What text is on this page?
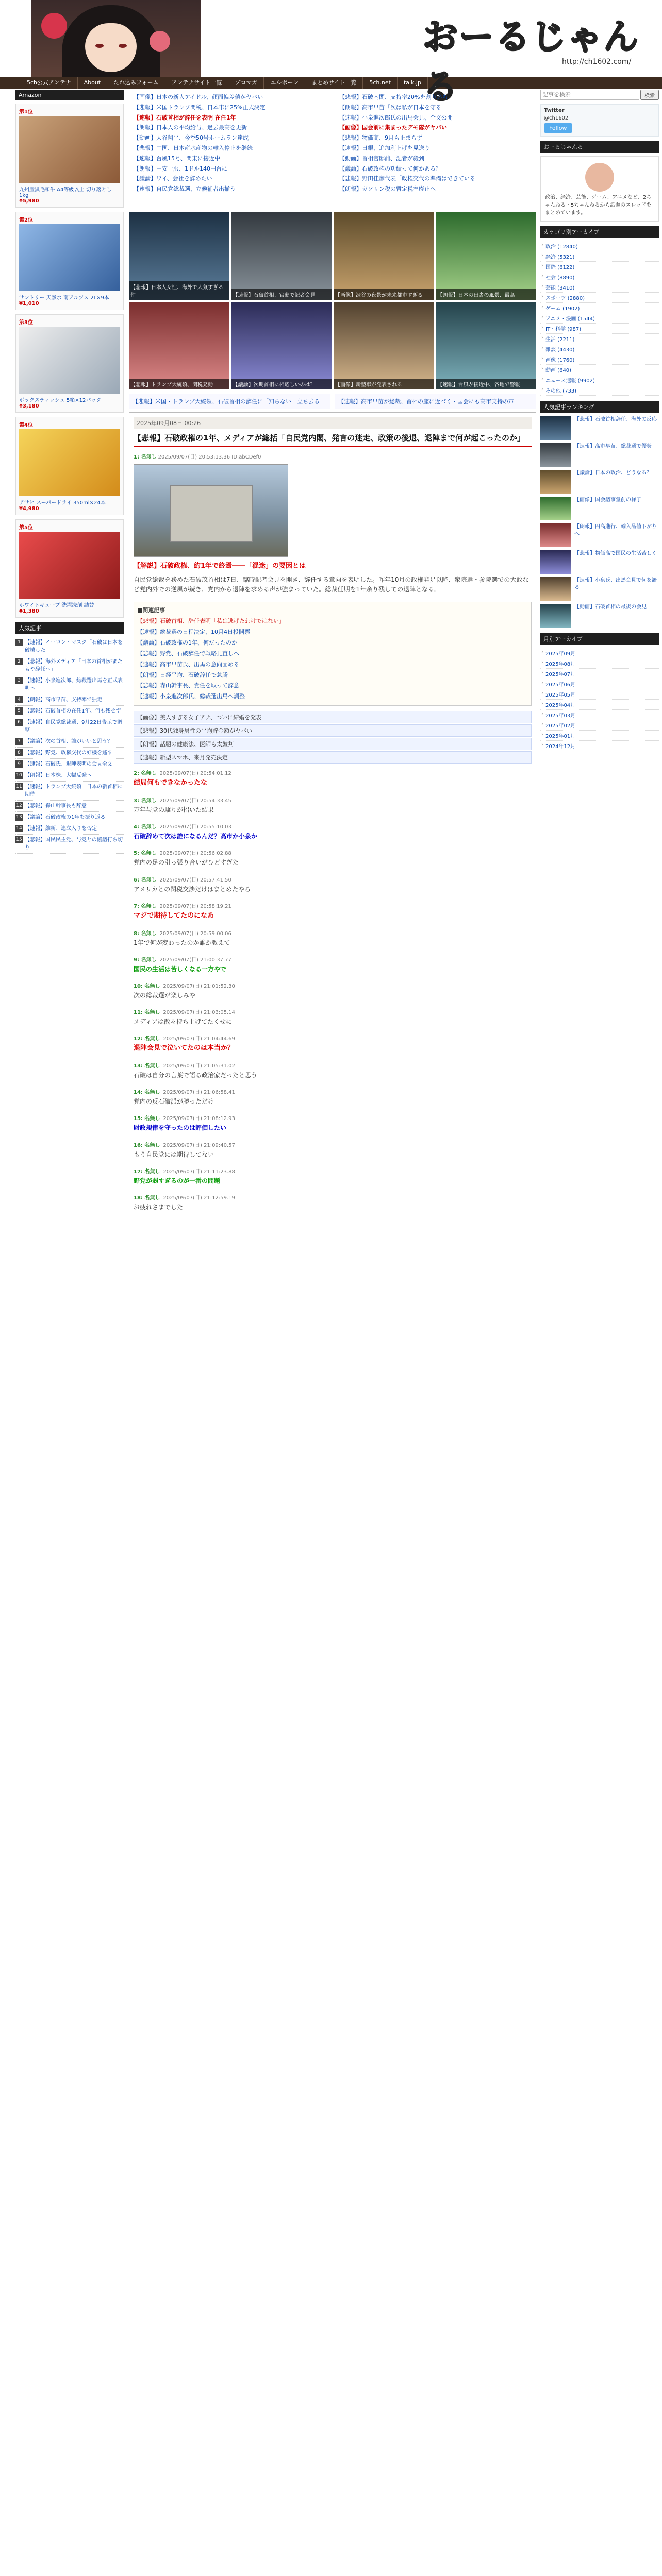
おーるじゃんる
http://ch1602.com/
5ch公式アンテナ	About	たれ込みフォーム	アンテナサイト一覧	ブロマガ	エルボーン	まとめサイト一覧	5ch.net	talk.jp
Amazon
第1位
九州産黒毛和牛 A4等級以上 切り落とし 1kg
¥5,980
第2位
サントリー 天然水 南アルプス 2L×9本
¥1,010
第3位
ボックスティッシュ 5箱×12パック
¥3,180
第4位
アサヒ スーパードライ 350ml×24本
¥4,980
第5位
ホワイトキューブ 洗濯洗剤 詰替
¥1,380
人気記事
1 【速報】イーロン・マスク「石破は日本を破壊した」
2 【悲報】海外メディア「日本の首相がまたもや辞任へ」
3 【速報】小泉進次郎、総裁選出馬を正式表明へ
4 【朗報】高市早苗、支持率で独走
5 【悲報】石破首相の在任1年、何も残せず
6 【速報】自民党総裁選、9月22日告示で調整
7 【議論】次の首相、誰がいいと思う？
8 【悲報】野党、政権交代の好機を逃す
9 【速報】石破氏、退陣表明の会見全文
10 【朗報】日本株、大幅反発へ
11 【速報】トランプ大統領「日本の新首相に期待」
12 【悲報】森山幹事長も辞意
13 【議論】石破政権の1年を振り返る
14 【速報】維新、連立入りを否定
15 【悲報】国民民主党、与党との協議打ち切り
【画像】日本の新人アイドル、顔面偏差値がヤバい
【悲報】米国トランプ関税、日本車に25%正式決定
【速報】石破首相が辞任を表明 在任1年
【朗報】日本人の平均給与、過去最高を更新
【動画】大谷翔平、今季50号ホームラン達成
【悲報】中国、日本産水産物の輸入停止を継続
【速報】台風15号、関東に接近中
【朗報】円安一服、1ドル140円台に
【議論】ワイ、会社を辞めたい
【速報】自民党総裁選、立候補者出揃う
【悲報】石破内閣、支持率20%を割り込む
【朗報】高市早苗「次は私が日本を守る」
【速報】小泉進次郎氏の出馬会見、全文公開
【画像】国会前に集まったデモ隊がヤバい
【悲報】物価高、9月も止まらず
【速報】日銀、追加利上げを見送り
【動画】首相官邸前、記者が殺到
【議論】石破政権の功績って何かある？
【悲報】野田佳彦代表「政権交代の準備はできている」
【朗報】ガソリン税の暫定税率廃止へ
【悲報】日本人女性、海外で人気すぎる件	【速報】石破首相、官邸で記者会見	【画像】渋谷の夜景が未来都市すぎる	【朗報】日本の田舎の風景、最高
【悲報】トランプ大統領、関税発動	【議論】次期首相に相応しいのは？	【画像】新型車が発表される	【速報】台風が接近中、各地で警報
【悲報】米国・トランプ大統領、石破首相の辞任に「知らない」立ち去る	【速報】高市早苗が総裁、首相の座に近づく・国会にも高市支持の声
2025年09月08日 00:26
【悲報】石破政権の1年、メディアが総括「自民党内閣、発言の迷走、政策の後退、退陣まで何が起こったのか」
1: 名無し 2025/09/07(日) 20:53:13.36 ID:abCDef0
【解説】石破政権、約1年で終焉――「混迷」の要因とは
自民党総裁を務めた石破茂首相は7日、臨時記者会見を開き、辞任する意向を表明した。昨年10月の政権発足以降、衆院選・参院選での大敗など党内外での逆風が続き、党内から退陣を求める声が強まっていた。総裁任期を1年余り残しての退陣となる。
■関連記事
【悲報】石破首相、辞任表明「私は逃げたわけではない」
【速報】総裁選の日程決定、10月4日投開票
【議論】石破政権の1年、何だったのか
【悲報】野党、石破辞任で戦略見直しへ
【速報】高市早苗氏、出馬の意向固める
【朗報】日経平均、石破辞任で急騰
【悲報】森山幹事長、責任を取って辞意
【速報】小泉進次郎氏、総裁選出馬へ調整
【画像】美人すぎる女子アナ、ついに結婚を発表
【悲報】30代独身男性の平均貯金額がヤバい
【朗報】話題の健康法、医師も太鼓判
【速報】新型スマホ、来月発売決定
2: 名無し 2025/09/07(日) 20:54:01.12
結局何もできなかったな
3: 名無し 2025/09/07(日) 20:54:33.45
万年与党の驕りが招いた結果
4: 名無し 2025/09/07(日) 20:55:10.03
石破辞めて次は誰になるんだ？高市か小泉か
5: 名無し 2025/09/07(日) 20:56:02.88
党内の足の引っ張り合いがひどすぎた
6: 名無し 2025/09/07(日) 20:57:41.50
アメリカとの関税交渉だけはまとめたやろ
7: 名無し 2025/09/07(日) 20:58:19.21
マジで期待してたのになあ
8: 名無し 2025/09/07(日) 20:59:00.06
1年で何が変わったのか誰か教えて
9: 名無し 2025/09/07(日) 21:00:37.77
国民の生活は苦しくなる一方やで
10: 名無し 2025/09/07(日) 21:01:52.30
次の総裁選が楽しみや
11: 名無し 2025/09/07(日) 21:03:05.14
メディアは散々持ち上げてたくせに
12: 名無し 2025/09/07(日) 21:04:44.69
退陣会見で泣いてたのは本当か？
13: 名無し 2025/09/07(日) 21:05:31.02
石破は自分の言葉で語る政治家だったと思う
14: 名無し 2025/09/07(日) 21:06:58.41
党内の反石破派が勝っただけ
15: 名無し 2025/09/07(日) 21:08:12.93
財政規律を守ったのは評価したい
16: 名無し 2025/09/07(日) 21:09:40.57
もう自民党には期待してない
17: 名無し 2025/09/07(日) 21:11:23.88
野党が弱すぎるのが一番の問題
18: 名無し 2025/09/07(日) 21:12:59.19
お疲れさまでした
記事を検索
検索
Twitter
@ch1602
Follow
おーるじゃんる
政治、経済、芸能、ゲーム、アニメなど、2ちゃんねる・5ちゃんねるから話題のスレッドをまとめています。
カテゴリ別アーカイブ
› 政治 (12840)
› 経済 (5321)
› 国際 (6122)
› 社会 (8890)
› 芸能 (3410)
› スポーツ (2880)
› ゲーム (1902)
› アニメ・漫画 (1544)
› IT・科学 (987)
› 生活 (2211)
› 雑談 (4430)
› 画像 (1760)
› 動画 (640)
› ニュース速報 (9902)
› その他 (733)
人気記事ランキング
【悲報】石破首相辞任、海外の反応
【速報】高市早苗、総裁選で優勢
【議論】日本の政治、どうなる？
【画像】国会議事堂前の様子
【朗報】円高進行、輸入品値下がりへ
【悲報】物価高で国民の生活苦しく
【速報】小泉氏、出馬会見で何を語る
【動画】石破首相の最後の会見
月別アーカイブ
› 2025年09月
› 2025年08月
› 2025年07月
› 2025年06月
› 2025年05月
› 2025年04月
› 2025年03月
› 2025年02月
› 2025年01月
› 2024年12月
